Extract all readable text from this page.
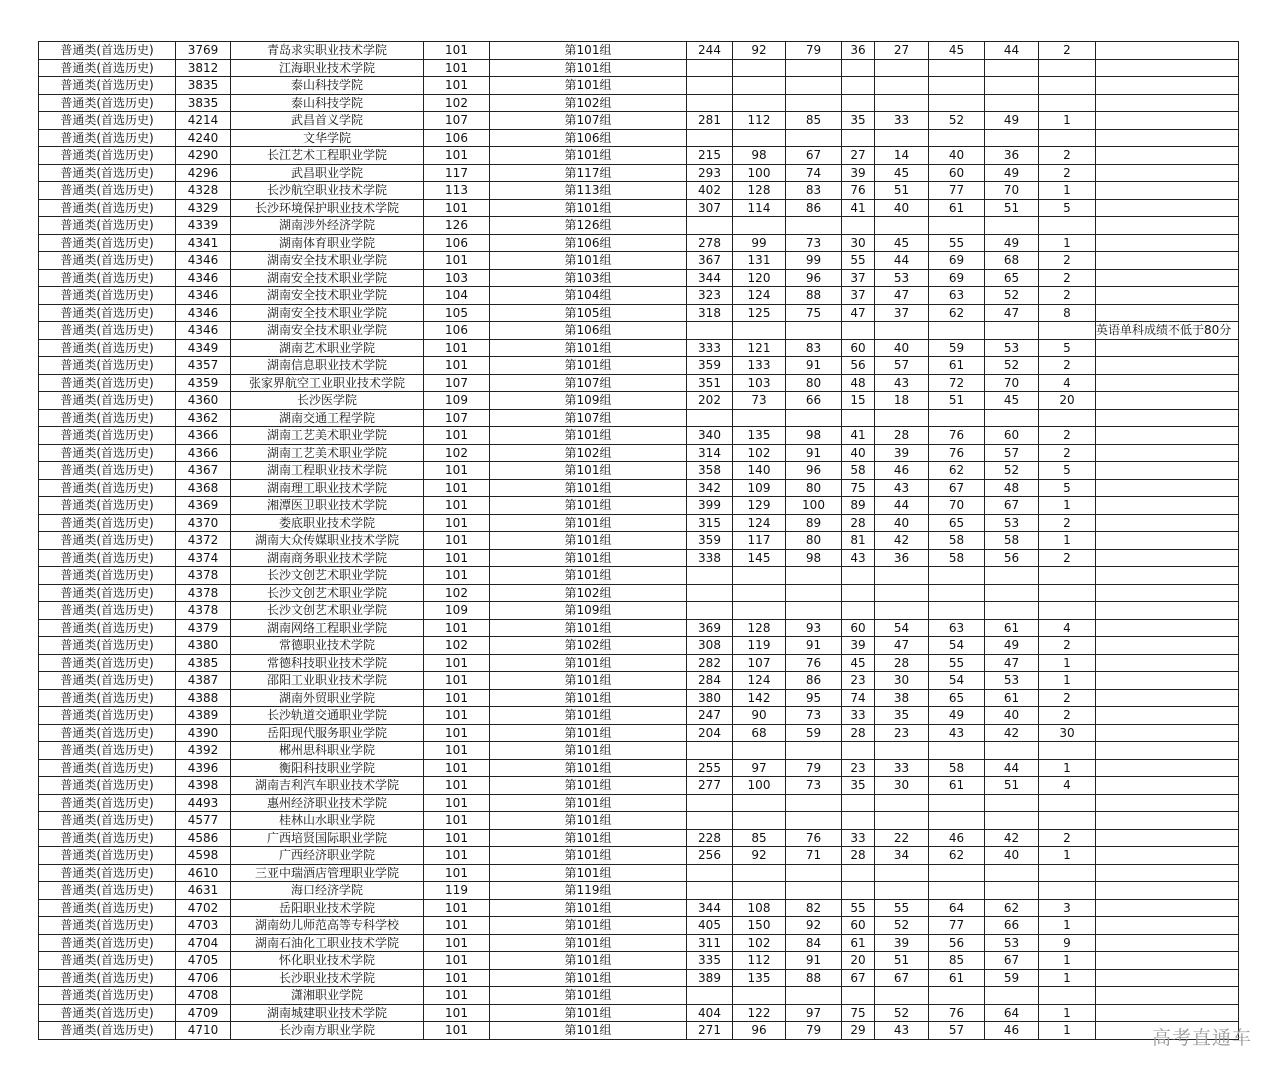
普通类(首选历史)	3769	青岛求实职业技术学院	101	第101组	244	92	79	36	27	45	44	2	
普通类(首选历史)	3812	江海职业技术学院	101	第101组									
普通类(首选历史)	3835	泰山科技学院	101	第101组									
普通类(首选历史)	3835	泰山科技学院	102	第102组									
普通类(首选历史)	4214	武昌首义学院	107	第107组	281	112	85	35	33	52	49	1	
普通类(首选历史)	4240	文华学院	106	第106组									
普通类(首选历史)	4290	长江艺术工程职业学院	101	第101组	215	98	67	27	14	40	36	2	
普通类(首选历史)	4296	武昌职业学院	117	第117组	293	100	74	39	45	60	49	2	
普通类(首选历史)	4328	长沙航空职业技术学院	113	第113组	402	128	83	76	51	77	70	1	
普通类(首选历史)	4329	长沙环境保护职业技术学院	101	第101组	307	114	86	41	40	61	51	5	
普通类(首选历史)	4339	湖南涉外经济学院	126	第126组									
普通类(首选历史)	4341	湖南体育职业学院	106	第106组	278	99	73	30	45	55	49	1	
普通类(首选历史)	4346	湖南安全技术职业学院	101	第101组	367	131	99	55	44	69	68	2	
普通类(首选历史)	4346	湖南安全技术职业学院	103	第103组	344	120	96	37	53	69	65	2	
普通类(首选历史)	4346	湖南安全技术职业学院	104	第104组	323	124	88	37	47	63	52	2	
普通类(首选历史)	4346	湖南安全技术职业学院	105	第105组	318	125	75	47	37	62	47	8	
普通类(首选历史)	4346	湖南安全技术职业学院	106	第106组									英语单科成绩不低于80分
普通类(首选历史)	4349	湖南艺术职业学院	101	第101组	333	121	83	60	40	59	53	5	
普通类(首选历史)	4357	湖南信息职业技术学院	101	第101组	359	133	91	56	57	61	52	2	
普通类(首选历史)	4359	张家界航空工业职业技术学院	107	第107组	351	103	80	48	43	72	70	4	
普通类(首选历史)	4360	长沙医学院	109	第109组	202	73	66	15	18	51	45	20	
普通类(首选历史)	4362	湖南交通工程学院	107	第107组									
普通类(首选历史)	4366	湖南工艺美术职业学院	101	第101组	340	135	98	41	28	76	60	2	
普通类(首选历史)	4366	湖南工艺美术职业学院	102	第102组	314	102	91	40	39	76	57	2	
普通类(首选历史)	4367	湖南工程职业技术学院	101	第101组	358	140	96	58	46	62	52	5	
普通类(首选历史)	4368	湖南理工职业技术学院	101	第101组	342	109	80	75	43	67	48	5	
普通类(首选历史)	4369	湘潭医卫职业技术学院	101	第101组	399	129	100	89	44	70	67	1	
普通类(首选历史)	4370	娄底职业技术学院	101	第101组	315	124	89	28	40	65	53	2	
普通类(首选历史)	4372	湖南大众传媒职业技术学院	101	第101组	359	117	80	81	42	58	58	1	
普通类(首选历史)	4374	湖南商务职业技术学院	101	第101组	338	145	98	43	36	58	56	2	
普通类(首选历史)	4378	长沙文创艺术职业学院	101	第101组									
普通类(首选历史)	4378	长沙文创艺术职业学院	102	第102组									
普通类(首选历史)	4378	长沙文创艺术职业学院	109	第109组									
普通类(首选历史)	4379	湖南网络工程职业学院	101	第101组	369	128	93	60	54	63	61	4	
普通类(首选历史)	4380	常德职业技术学院	102	第102组	308	119	91	39	47	54	49	2	
普通类(首选历史)	4385	常德科技职业技术学院	101	第101组	282	107	76	45	28	55	47	1	
普通类(首选历史)	4387	邵阳工业职业技术学院	101	第101组	284	124	86	23	30	54	53	1	
普通类(首选历史)	4388	湖南外贸职业学院	101	第101组	380	142	95	74	38	65	61	2	
普通类(首选历史)	4389	长沙轨道交通职业学院	101	第101组	247	90	73	33	35	49	40	2	
普通类(首选历史)	4390	岳阳现代服务职业学院	101	第101组	204	68	59	28	23	43	42	30	
普通类(首选历史)	4392	郴州思科职业学院	101	第101组									
普通类(首选历史)	4396	衡阳科技职业学院	101	第101组	255	97	79	23	33	58	44	1	
普通类(首选历史)	4398	湖南吉利汽车职业技术学院	101	第101组	277	100	73	35	30	61	51	4	
普通类(首选历史)	4493	惠州经济职业技术学院	101	第101组									
普通类(首选历史)	4577	桂林山水职业学院	101	第101组									
普通类(首选历史)	4586	广西培贤国际职业学院	101	第101组	228	85	76	33	22	46	42	2	
普通类(首选历史)	4598	广西经济职业学院	101	第101组	256	92	71	28	34	62	40	1	
普通类(首选历史)	4610	三亚中瑞酒店管理职业学院	101	第101组									
普通类(首选历史)	4631	海口经济学院	119	第119组									
普通类(首选历史)	4702	岳阳职业技术学院	101	第101组	344	108	82	55	55	64	62	3	
普通类(首选历史)	4703	湖南幼儿师范高等专科学校	101	第101组	405	150	92	60	52	77	66	1	
普通类(首选历史)	4704	湖南石油化工职业技术学院	101	第101组	311	102	84	61	39	56	53	9	
普通类(首选历史)	4705	怀化职业技术学院	101	第101组	335	112	91	20	51	85	67	1	
普通类(首选历史)	4706	长沙职业技术学院	101	第101组	389	135	88	67	67	61	59	1	
普通类(首选历史)	4708	潇湘职业学院	101	第101组									
普通类(首选历史)	4709	湖南城建职业技术学院	101	第101组	404	122	97	75	52	76	64	1	
普通类(首选历史)	4710	长沙南方职业学院	101	第101组	271	96	79	29	43	57	46	1		高考直通车
